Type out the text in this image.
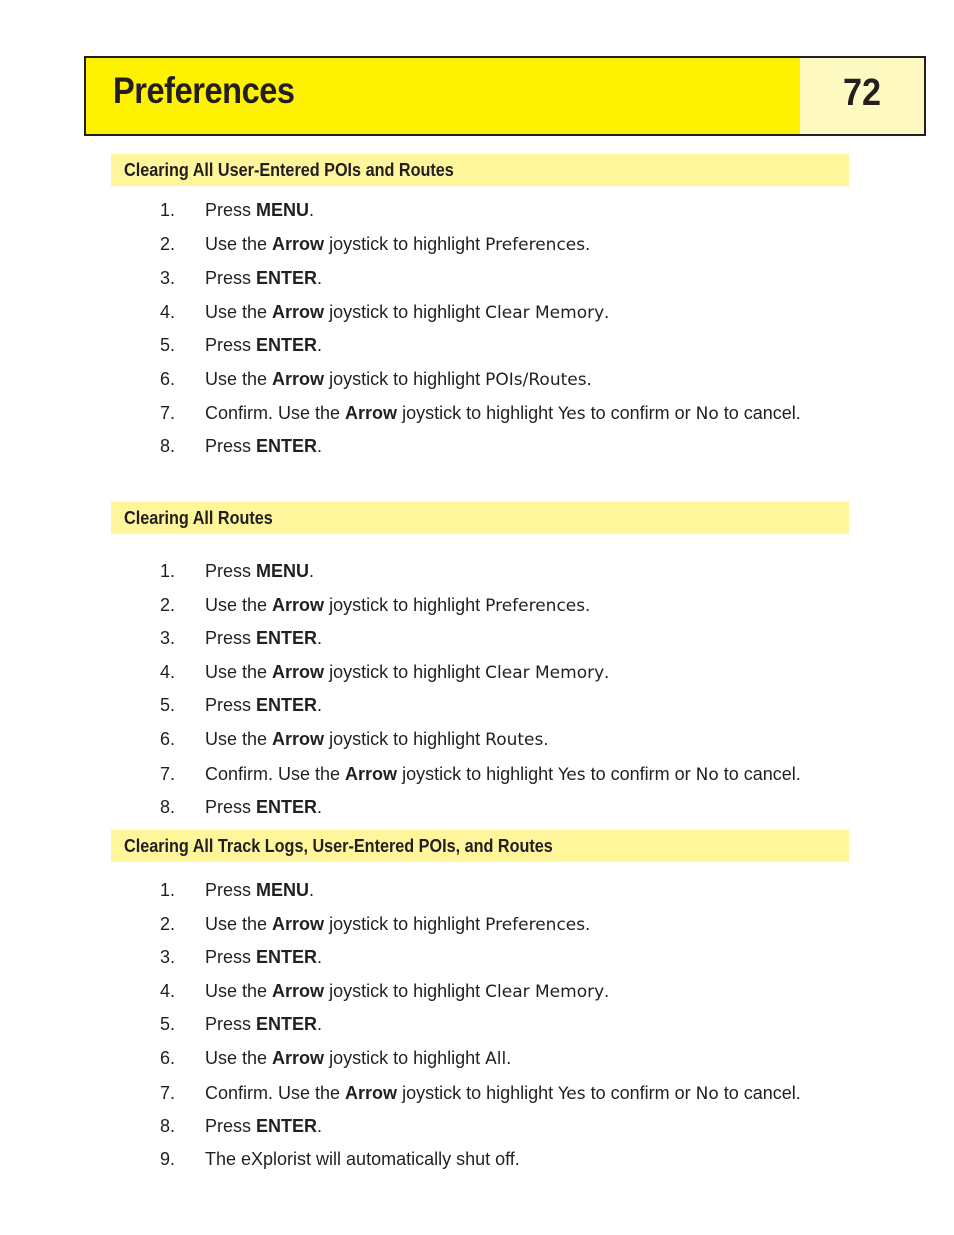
Preferences	72
Clearing All User-Entered POIs and Routes
1. Press MENU.
2. Use the Arrow joystick to highlight Preferences.
3. Press ENTER.
4. Use the Arrow joystick to highlight Clear Memory.
5. Press ENTER.
6. Use the Arrow joystick to highlight POIs/Routes.
7. Confirm. Use the Arrow joystick to highlight Yes to confirm or No to cancel.
8. Press ENTER.
Clearing All Routes
1. Press MENU.
2. Use the Arrow joystick to highlight Preferences.
3. Press ENTER.
4. Use the Arrow joystick to highlight Clear Memory.
5. Press ENTER.
6. Use the Arrow joystick to highlight Routes.
7. Confirm. Use the Arrow joystick to highlight Yes to confirm or No to cancel.
8. Press ENTER.
Clearing All Track Logs, User-Entered POIs, and Routes
1. Press MENU.
2. Use the Arrow joystick to highlight Preferences.
3. Press ENTER.
4. Use the Arrow joystick to highlight Clear Memory.
5. Press ENTER.
6. Use the Arrow joystick to highlight All.
7. Confirm. Use the Arrow joystick to highlight Yes to confirm or No to cancel.
8. Press ENTER.
9. The eXplorist will automatically shut off.
